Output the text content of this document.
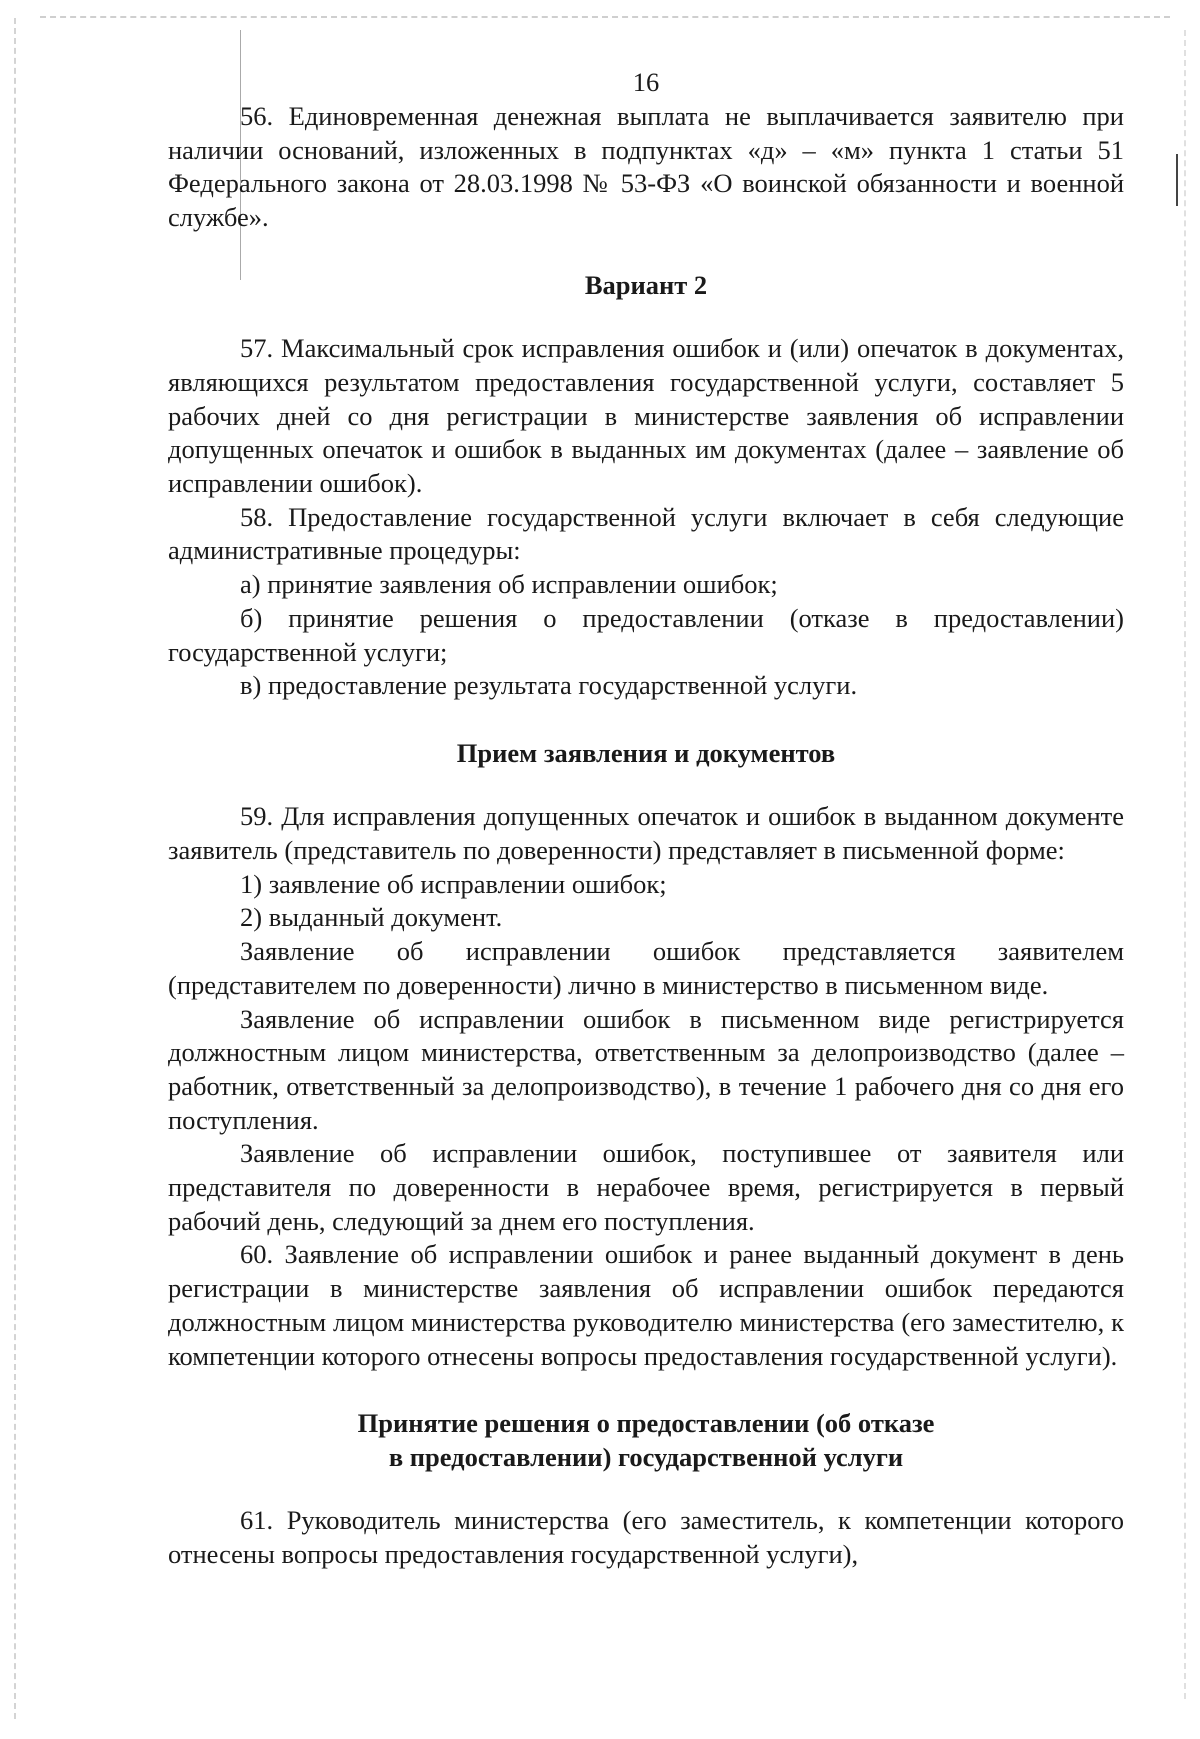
16

56. Единовременная денежная выплата не выплачивается заявителю при наличии оснований, изложенных в подпунктах «д» – «м» пункта 1 статьи 51 Федерального закона от 28.03.1998 № 53-ФЗ «О воинской обязанности и военной службе».

Вариант 2

57. Максимальный срок исправления ошибок и (или) опечаток в документах, являющихся результатом предоставления государственной услуги, составляет 5 рабочих дней со дня регистрации в министерстве заявления об исправлении допущенных опечаток и ошибок в выданных им документах (далее – заявление об исправлении ошибок).

58. Предоставление государственной услуги включает в себя следующие административные процедуры:

а) принятие заявления об исправлении ошибок;

б) принятие решения о предоставлении (отказе в предоставлении) государственной услуги;

в) предоставление результата государственной услуги.

Прием заявления и документов

59. Для исправления допущенных опечаток и ошибок в выданном документе заявитель (представитель по доверенности) представляет в письменной форме:

1) заявление об исправлении ошибок;

2) выданный документ.

Заявление об исправлении ошибок представляется заявителем (представителем по доверенности) лично в министерство в письменном виде.

Заявление об исправлении ошибок в письменном виде регистрируется должностным лицом министерства, ответственным за делопроизводство (далее – работник, ответственный за делопроизводство), в течение 1 рабочего дня со дня его поступления.

Заявление об исправлении ошибок, поступившее от заявителя или представителя по доверенности в нерабочее время, регистрируется в первый рабочий день, следующий за днем его поступления.

60. Заявление об исправлении ошибок и ранее выданный документ в день регистрации в министерстве заявления об исправлении ошибок передаются должностным лицом министерства руководителю министерства (его заместителю, к компетенции которого отнесены вопросы предоставления государственной услуги).

Принятие решения о предоставлении (об отказе
в предоставлении) государственной услуги

61. Руководитель министерства (его заместитель, к компетенции которого отнесены вопросы предоставления государственной услуги),
